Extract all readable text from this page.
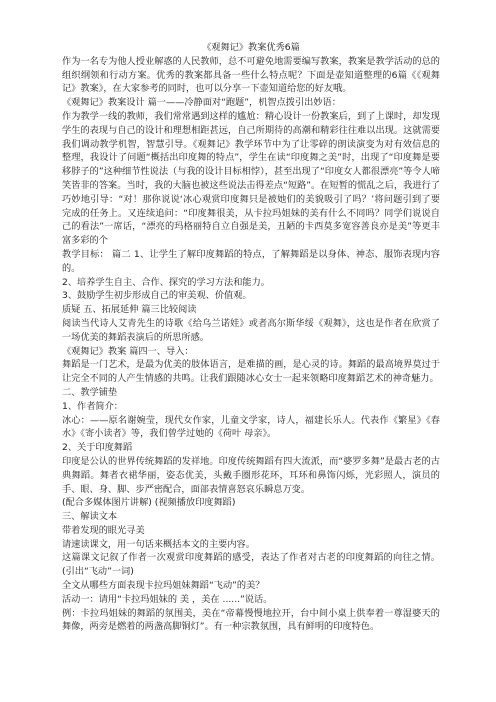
《观舞记》教案优秀6篇

作为一名专为他人授业解惑的人民教师，总不可避免地需要编写教案，教案是教学活动的总的组织纲领和行动方案。优秀的教案都具备一些什么特点呢？下面是壶知道整理的6篇《《观舞记》教案》，在大家参考的同时，也可以分享一下壶知道给您的好友哦。

《观舞记》教案设计 篇一——冷静面对“跑题”，机智点拨引出妙语：

作为教学一线的教师，我们常常遇到这样的尴尬：精心设计一份教案后，到了上课时，却发现学生的表现与自己的设计和理想相距甚远，自己所期待的高潮和精彩往往难以出现。这就需要我们调动教学机智，智慧引导。《观舞记》教学环节中为了让零碎的朗读演变为对有效信息的整理，我设计了问题“概括出印度舞的特点”，学生在读“印度舞之美”时，出现了“印度舞是要移脖子的”这种细节性说法（与我的设计目标相悖），甚至出现了“印度女人都很漂亮”等令人啼笑皆非的答案。当时，我的大脑也被这些说法击得差点“短路”。在短暂的慌乱之后，我进行了巧妙地引导：“对！那你说说‘冰心观赏印度舞只是被她们的美貌吸引了吗？’将问题引到了要完成的任务上。又连续追问：“印度舞很美，从卡拉玛姐妹的美有什么不同吗？同学们说说自己的看法”一席话，“漂亮的玛格丽特自立自强是美，丑陋的卡西莫多宽容善良亦是美”等更丰富多彩的个

教学目标： 篇二 1、让学生了解印度舞蹈的特点，了解舞蹈是以身体、神态、服饰表现内容的。

2、培养学生自主、合作、探究的学习方法和能力。

3、鼓励学生初步形成自己的审美观、价值观。

质疑 五、拓展延伸 篇三比较阅读

阅读当代诗人艾青先生的诗歌《给乌兰诺娃》或者高尔斯华绥《观舞》，这也是作者在欣赏了一场优美的舞蹈表演后的所思所感。

《观舞记》教案 篇四一、导入：

舞蹈是一门艺术，是最为优美的肢体语言，是难描的画，是心灵的诗。舞蹈的最高境界莫过于让完全不同的人产生情感的共鸣。让我们跟随冰心女士一起来领略印度舞蹈艺术的神奇魅力。

二、教学铺垫

1、作者简介：

冰心：——原名谢婉莹，现代女作家，儿童文学家，诗人，福建长乐人。代表作《繁星》《春水》《寄小读者》等，我们曾学过她的《荷叶 母亲》。

2、关于印度舞蹈

印度是公认的世界传统舞蹈的发祥地。印度传统舞蹈有四大流派，而“婆罗多舞”是最古老的古典舞蹈。舞者衣裙华丽，姿态优美，头戴手圈形花环，耳环和鼻饰闪烁，光彩照人，演员的手、眼、身、脚、步严密配合，面部表情喜怒哀乐瞬息万变。

(配合多媒体图片讲解) (视频播放印度舞蹈)

三、解读文本

带着发现的眼光寻美

请速读课文，用一句话来概括本文的主要内容。

这篇课文记叙了作者一次观赏印度舞蹈的感受，表达了作者对古老的印度舞蹈的向往之情。(引出“飞动”一词)

全文从哪些方面表现卡拉玛姐妹舞蹈“飞动”的美？

活动一：请用“卡拉玛姐妹的 美 ，美在 ......”说话。

例：卡拉玛姐妹的舞蹈的氛围美，美在“帝幕慢慢地拉开，台中间小桌上供奉着一尊湿婆天的舞像，两旁是燃着的两盏高脚铜灯”。有一种宗教氛围，具有鲜明的印度特色。
